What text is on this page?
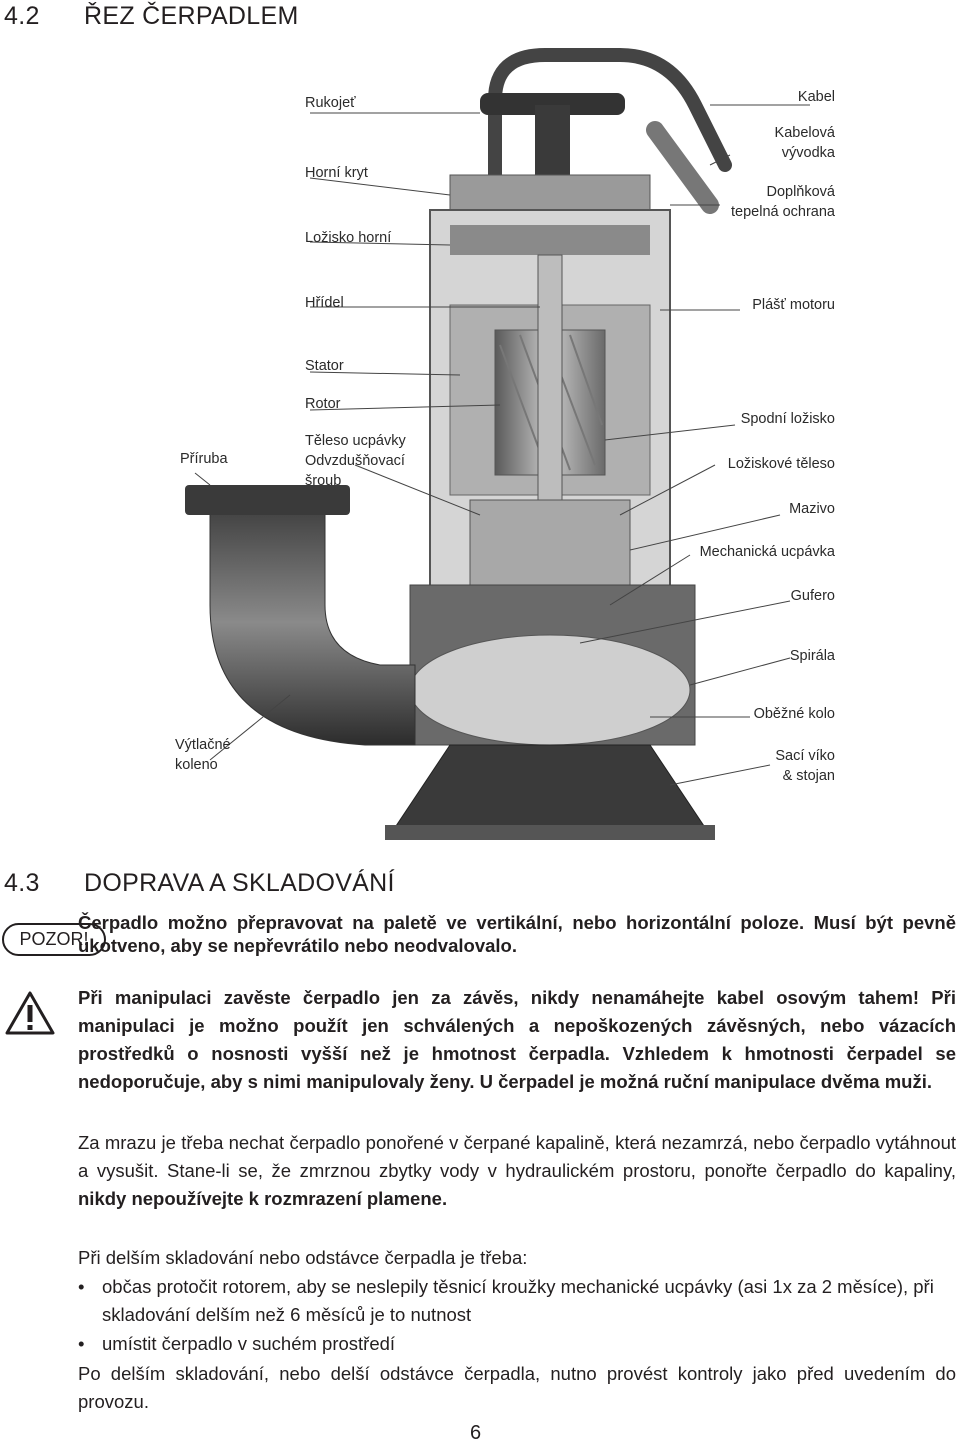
4.2 ŘEZ ČERPADLEM
Rukojeť
Horní kryt
Ložisko horní
Hřídel
Stator
Rotor
Těleso ucpávky
Odvzdušňovací
šroub
Příruba
Výtlačné
koleno
Kabel
Kabelová
vývodka
Doplňková
tepelná ochrana
Plášť motoru
Spodní ložisko
Ložiskové těleso
Mazivo
Mechanická ucpávka
Gufero
Spirála
Oběžné kolo
Sací víko
& stojan
4.3 DOPRAVA A SKLADOVÁNÍ
POZOR!

Čerpadlo možno přepravovat na paletě ve vertikální, nebo horizontální poloze. Musí být pevně ukotveno, aby se nepřevrátilo nebo neodvalovalo.

Při manipulaci zavěste čerpadlo jen za závěs, nikdy nenamáhejte kabel osovým tahem! Při manipulaci je možno použít jen schválených a nepoškozených závěsných, nebo vázacích prostředků o nosnosti vyšší než je hmotnost čerpadla. Vzhledem k hmotnosti čerpadel se nedoporučuje, aby s nimi manipulovaly ženy. U čerpadel je možná ruční manipulace dvěma muži.

Za mrazu je třeba nechat čerpadlo ponořené v čerpané kapalině, která nezamrzá, nebo čerpadlo vytáhnout a vysušit. Stane-li se, že zmrznou zbytky vody v hydraulickém prostoru, ponořte čerpadlo do kapaliny, nikdy nepoužívejte k rozmrazení plamene.

Při delším skladování nebo odstávce čerpadla je třeba:

• občas protočit rotorem, aby se neslepily těsnicí kroužky mechanické ucpávky (asi 1x za 2 měsíce), při skladování delším než 6 měsíců je to nutnost
• umístit čerpadlo v suchém prostředí

Po delším skladování, nebo delší odstávce čerpadla, nutno provést kontroly jako před uvedením do provozu.

6
